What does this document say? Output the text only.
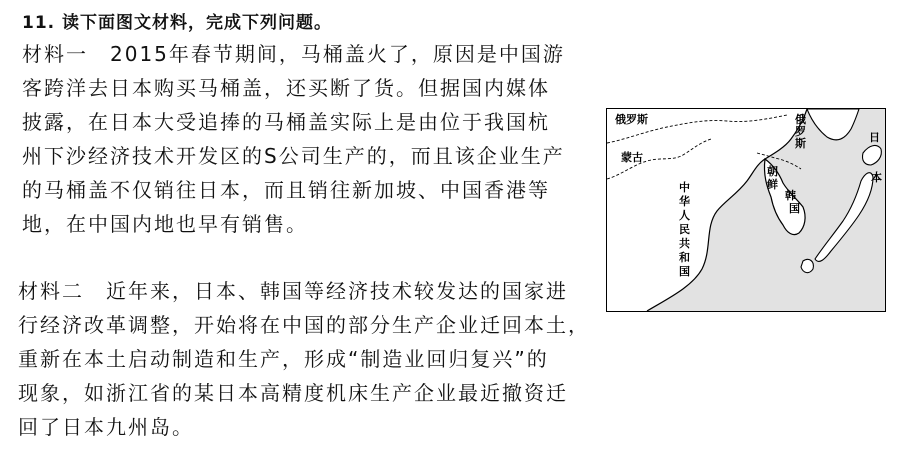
11. 读下面图文材料，完成下列问题。
材料一　2015年春节期间，马桶盖火了，原因是中国游
客跨洋去日本购买马桶盖，还买断了货。但据国内媒体
披露，在日本大受追捧的马桶盖实际上是由位于我国杭
州下沙经济技术开发区的S公司生产的，而且该企业生产
的马桶盖不仅销往日本，而且销往新加坡、中国香港等
地，在中国内地也早有销售。
材料二　近年来，日本、韩国等经济技术较发达的国家进
行经济改革调整，开始将在中国的部分生产企业迁回本土，
重新在本土启动制造和生产，形成“制造业回归复兴”的
现象，如浙江省的某日本高精度机床生产企业最近撤资迁
回了日本九州岛。
俄罗斯	俄 罗 斯
蒙古
中 华 人 民 共 和 国
朝 鲜
韩 国
日 本
